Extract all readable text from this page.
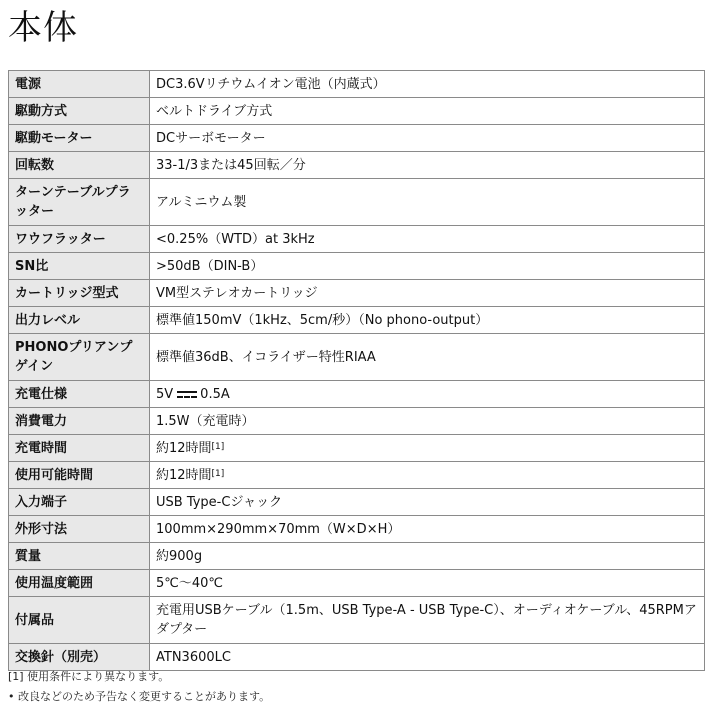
本体
電源	DC3.6Vリチウムイオン電池（内蔵式）
駆動方式	ベルトドライブ方式
駆動モーター	DCサーボモーター
回転数	33-1/3または45回転／分
ターンテーブルプラッター	アルミニウム製
ワウフラッター	<0.25%（WTD）at 3kHz
SN比	>50dB（DIN-B）
カートリッジ型式	VM型ステレオカートリッジ
出力レベル	標準値150mV（1kHz、5cm/秒）（No phono-output）
PHONOプリアンプゲイン	標準値36dB、イコライザー特性RIAA
充電仕様	5V 0.5A
消費電力	1.5W（充電時）
充電時間	約12時間[1]
使用可能時間	約12時間[1]
入力端子	USB Type-Cジャック
外形寸法	100mm×290mm×70mm（W×D×H）
質量	約900g
使用温度範囲	5℃〜40℃
付属品	充電用USBケーブル（1.5m、USB Type-A - USB Type-C）、オーディオケーブル、45RPMアダプター
交換針（別売）	ATN3600LC

[1] 使用条件により異なります。

• 改良などのため予告なく変更することがあります。
